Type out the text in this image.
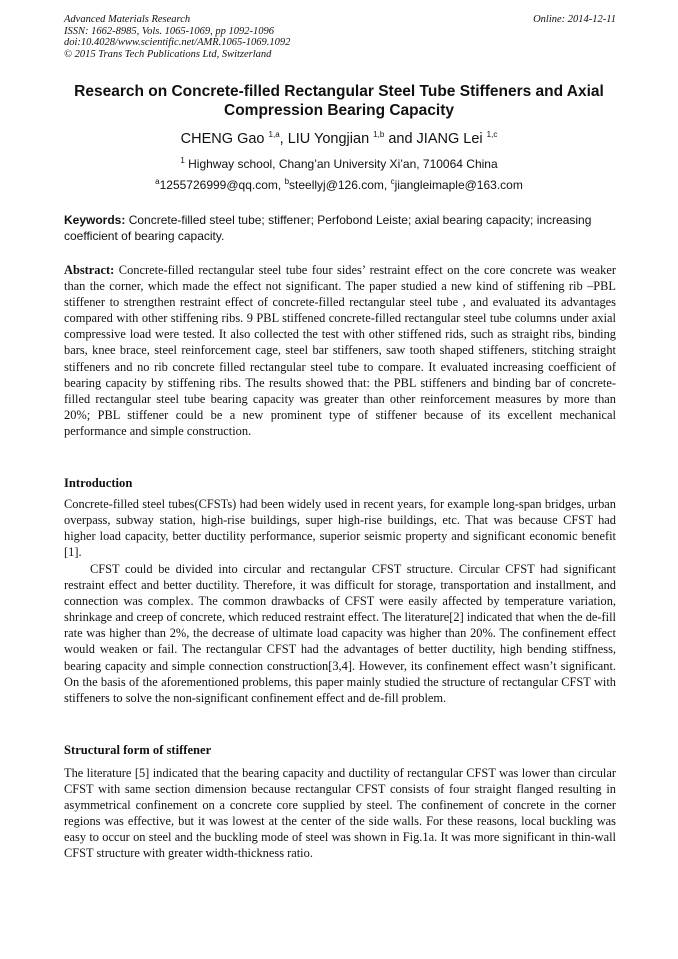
Advanced Materials Research
ISSN: 1662-8985, Vols. 1065-1069, pp 1092-1096
doi:10.4028/www.scientific.net/AMR.1065-1069.1092
© 2015 Trans Tech Publications Ltd, Switzerland
Online: 2014-12-11
Research on Concrete-filled Rectangular Steel Tube Stiffeners and Axial Compression Bearing Capacity
CHENG Gao $^{1,a}$, LIU Yongjian $^{1,b}$ and JIANG Lei $^{1,c}$
$^1$ Highway school, Chang’an University Xi’an, 710064 China
$^a$1255726999@qq.com, $^b$steellyj@126.com, $^c$jiangleimaple@163.com
Keywords: Concrete-filled steel tube; stiffener; Perfobond Leiste; axial bearing capacity; increasing coefficient of bearing capacity.
Abstract: Concrete-filled rectangular steel tube four sides’ restraint effect on the core concrete was weaker than the corner, which made the effect not significant. The paper studied a new kind of stiffening rib –PBL stiffener to strengthen restraint effect of concrete-filled rectangular steel tube , and evaluated its advantages compared with other stiffening ribs. 9 PBL stiffened concrete-filled rectangular steel tube columns under axial compressive load were tested. It also collected the test with other stiffened rids, such as straight ribs, binding bars, knee brace, steel reinforcement cage, steel bar stiffeners, saw tooth shaped stiffeners, stitching straight stiffeners and no rib concrete filled rectangular steel tube to compare. It evaluated increasing coefficient of bearing capacity by stiffening ribs. The results showed that: the PBL stiffeners and binding bar of concrete-filled rectangular steel tube bearing capacity was greater than other reinforcement measures by more than 20%; PBL stiffener could be a new prominent type of stiffener because of its excellent mechanical performance and simple construction.
Introduction
Concrete-filled steel tubes(CFSTs) had been widely used in recent years, for example long-span bridges, urban overpass, subway station, high-rise buildings, super high-rise buildings, etc. That was because CFST had higher load capacity, better ductility performance, superior seismic property and significant economic benefit [1].
CFST could be divided into circular and rectangular CFST structure. Circular CFST had significant restraint effect and better ductility. Therefore, it was difficult for storage, transportation and installment, and connection was complex. The common drawbacks of CFST were easily affected by temperature variation, shrinkage and creep of concrete, which reduced restraint effect. The literature[2] indicated that when the de-fill rate was higher than 2%, the decrease of ultimate load capacity was higher than 20%. The confinement effect would weaken or fail. The rectangular CFST had the advantages of better ductility, high bending stiffness, bearing capacity and simple connection construction[3,4]. However, its confinement effect wasn’t significant. On the basis of the aforementioned problems, this paper mainly studied the structure of rectangular CFST with stiffeners to solve the non-significant confinement effect and de-fill problem.
Structural form of stiffener
The literature [5] indicated that the bearing capacity and ductility of rectangular CFST was lower than circular CFST with same section dimension because rectangular CFST consists of four straight flanged resulting in asymmetrical confinement on a concrete core supplied by steel. The confinement of concrete in the corner regions was effective, but it was lowest at the center of the side walls. For these reasons, local buckling was easy to occur on steel and the buckling mode of steel was shown in Fig.1a. It was more significant in thin-wall CFST structure with greater width-thickness ratio.
